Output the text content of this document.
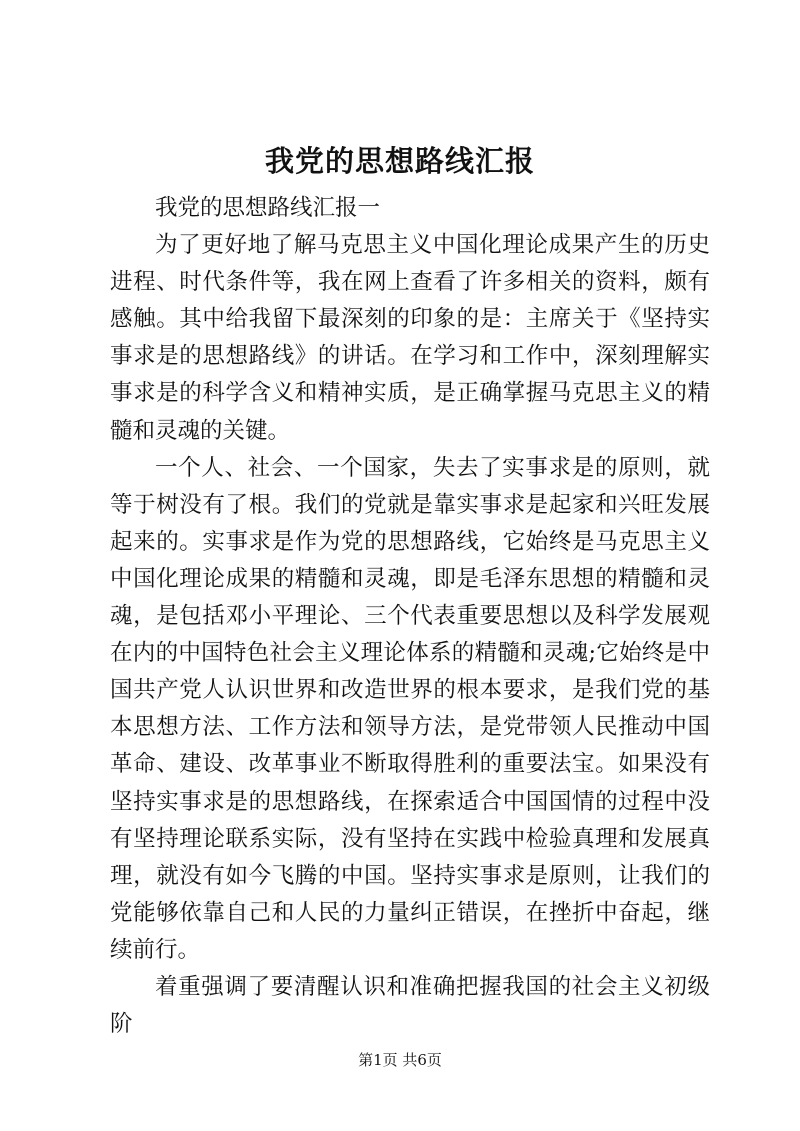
我党的思想路线汇报

我党的思想路线汇报一

为了更好地了解马克思主义中国化理论成果产生的历史进程、时代条件等，我在网上查看了许多相关的资料，颇有感触。其中给我留下最深刻的印象的是：主席关于《坚持实事求是的思想路线》的讲话。在学习和工作中，深刻理解实事求是的科学含义和精神实质，是正确掌握马克思主义的精髓和灵魂的关键。

一个人、社会、一个国家，失去了实事求是的原则，就等于树没有了根。我们的党就是靠实事求是起家和兴旺发展起来的。实事求是作为党的思想路线，它始终是马克思主义中国化理论成果的精髓和灵魂，即是毛泽东思想的精髓和灵魂，是包括邓小平理论、三个代表重要思想以及科学发展观在内的中国特色社会主义理论体系的精髓和灵魂;它始终是中国共产党人认识世界和改造世界的根本要求，是我们党的基本思想方法、工作方法和领导方法，是党带领人民推动中国革命、建设、改革事业不断取得胜利的重要法宝。如果没有坚持实事求是的思想路线，在探索适合中国国情的过程中没有坚持理论联系实际，没有坚持在实践中检验真理和发展真理，就没有如今飞腾的中国。坚持实事求是原则，让我们的党能够依靠自己和人民的力量纠正错误，在挫折中奋起，继续前行。

着重强调了要清醒认识和准确把握我国的社会主义初级阶

第1页 共6页
